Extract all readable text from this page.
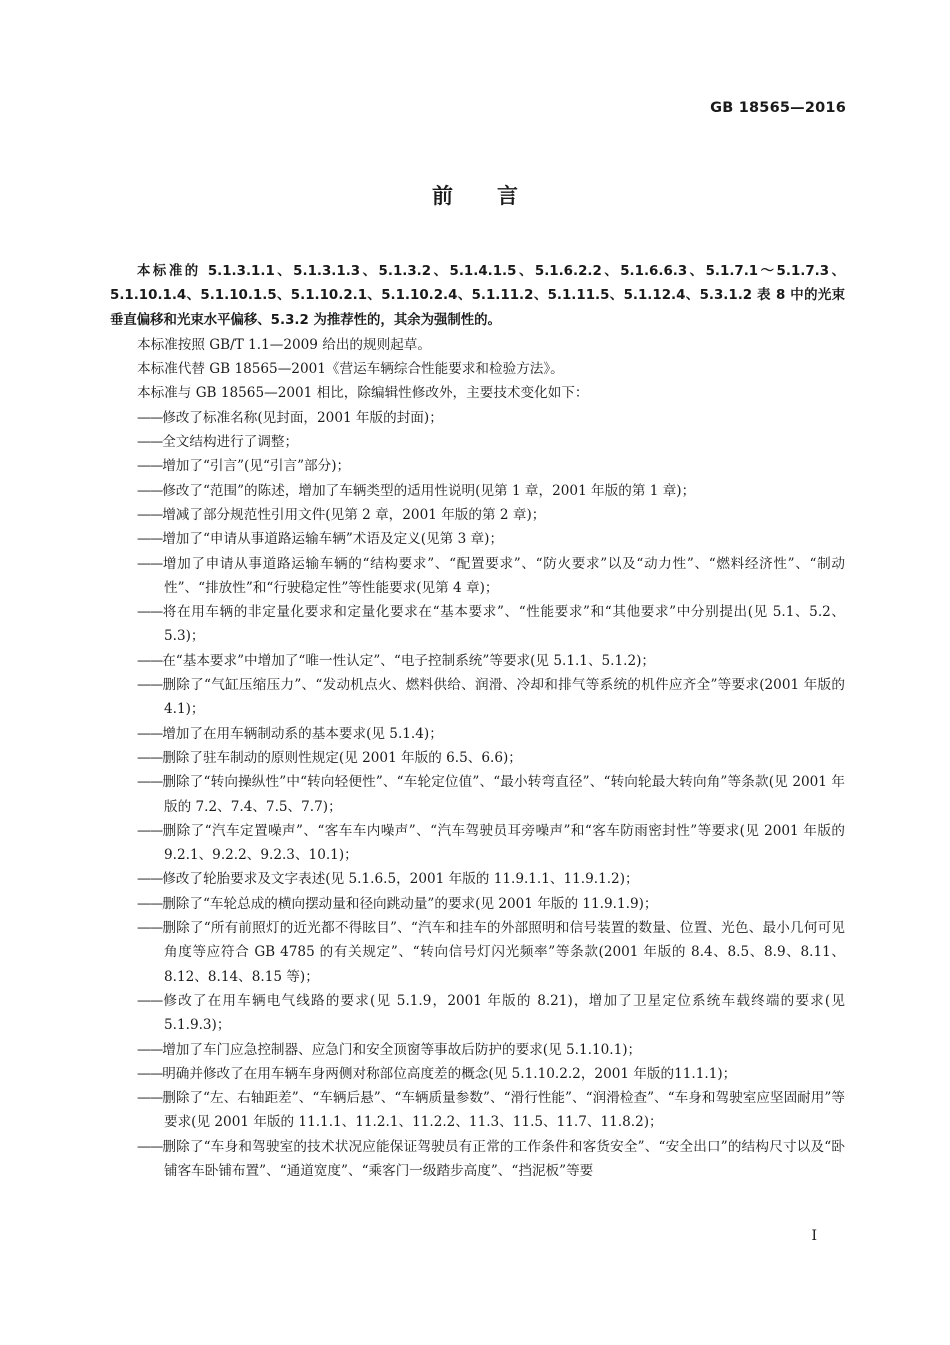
GB 18565—2016
前言

本标准的 5.1.3.1.1、5.1.3.1.3、5.1.3.2、5.1.4.1.5、5.1.6.2.2、5.1.6.6.3、5.1.7.1～5.1.7.3、5.1.10.1.4、5.1.10.1.5、5.1.10.2.1、5.1.10.2.4、5.1.11.2、5.1.11.5、5.1.12.4、5.3.1.2 表 8 中的光束垂直偏移和光束水平偏移、5.3.2 为推荐性的，其余为强制性的。

本标准按照 GB/T 1.1—2009 给出的规则起草。

本标准代替 GB 18565—2001《营运车辆综合性能要求和检验方法》。

本标准与 GB 18565—2001 相比，除编辑性修改外，主要技术变化如下：

——修改了标准名称(见封面，2001 年版的封面)；

——全文结构进行了调整；

——增加了“引言”(见“引言”部分)；

——修改了“范围”的陈述，增加了车辆类型的适用性说明(见第 1 章，2001 年版的第 1 章)；

——增减了部分规范性引用文件(见第 2 章，2001 年版的第 2 章)；

——增加了“申请从事道路运输车辆”术语及定义(见第 3 章)；

——增加了申请从事道路运输车辆的“结构要求”、“配置要求”、“防火要求”以及“动力性”、“燃料经济性”、“制动性”、“排放性”和“行驶稳定性”等性能要求(见第 4 章)；

——将在用车辆的非定量化要求和定量化要求在“基本要求”、“性能要求”和“其他要求”中分别提出(见 5.1、5.2、5.3)；

——在“基本要求”中增加了“唯一性认定”、“电子控制系统”等要求(见 5.1.1、5.1.2)；

——删除了“气缸压缩压力”、“发动机点火、燃料供给、润滑、冷却和排气等系统的机件应齐全”等要求(2001 年版的 4.1)；

——增加了在用车辆制动系的基本要求(见 5.1.4)；

——删除了驻车制动的原则性规定(见 2001 年版的 6.5、6.6)；

——删除了“转向操纵性”中“转向轻便性”、“车轮定位值”、“最小转弯直径”、“转向轮最大转向角”等条款(见 2001 年版的 7.2、7.4、7.5、7.7)；

——删除了“汽车定置噪声”、“客车车内噪声”、“汽车驾驶员耳旁噪声”和“客车防雨密封性”等要求(见 2001 年版的 9.2.1、9.2.2、9.2.3、10.1)；

——修改了轮胎要求及文字表述(见 5.1.6.5，2001 年版的 11.9.1.1、11.9.1.2)；

——删除了“车轮总成的横向摆动量和径向跳动量”的要求(见 2001 年版的 11.9.1.9)；

——删除了“所有前照灯的近光都不得眩目”、“汽车和挂车的外部照明和信号装置的数量、位置、光色、最小几何可见角度等应符合 GB 4785 的有关规定”、“转向信号灯闪光频率”等条款(2001 年版的 8.4、8.5、8.9、8.11、8.12、8.14、8.15 等)；

——修改了在用车辆电气线路的要求(见 5.1.9，2001 年版的 8.21)，增加了卫星定位系统车载终端的要求(见 5.1.9.3)；

——增加了车门应急控制器、应急门和安全顶窗等事故后防护的要求(见 5.1.10.1)；

——明确并修改了在用车辆车身两侧对称部位高度差的概念(见 5.1.10.2.2，2001 年版的11.1.1)；

——删除了“左、右轴距差”、“车辆后悬”、“车辆质量参数”、“滑行性能”、“润滑检查”、“车身和驾驶室应坚固耐用”等要求(见 2001 年版的 11.1.1、11.2.1、11.2.2、11.3、11.5、11.7、11.8.2)；

——删除了“车身和驾驶室的技术状况应能保证驾驶员有正常的工作条件和客货安全”、“安全出口”的结构尺寸以及“卧铺客车卧铺布置”、“通道宽度”、“乘客门一级踏步高度”、“挡泥板”等要

I
